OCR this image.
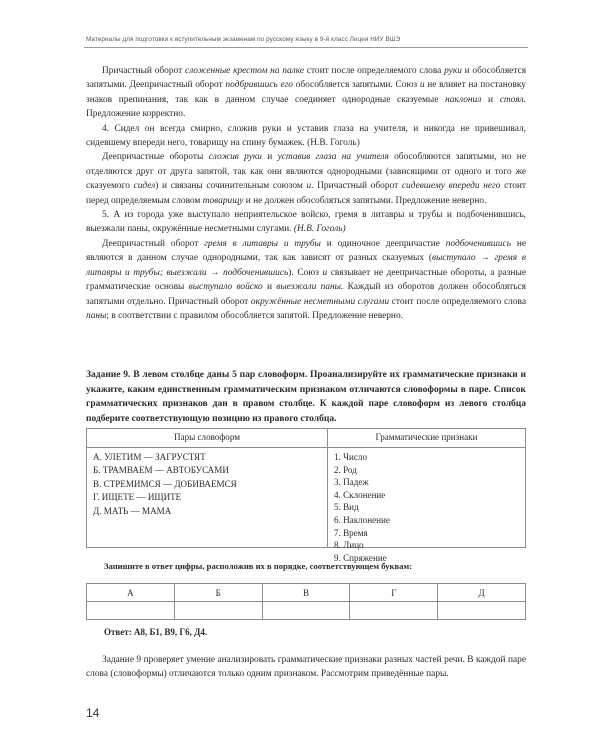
Материалы для подготовки к вступительным экзаменам по русскому языку в 9-й класс Лицея НИУ ВШЭ

Причастный оборот сложенные крестом на палке стоит после определяемого слова руки и обособляется запятыми. Деепричастный оборот подбрившись его обособляется запятыми. Союз и не влияет на постановку знаков препинания, так как в данном случае соединяет однородные сказуемые наклонил и стоял. Предложение корректно.

4. Сидел он всегда смирно, сложив руки и уставив глаза на учителя, и никогда не привешивал, сидевшему впереди него, товарищу на спину бумажек. (Н.В. Гоголь)

Деепричастные обороты сложив руки и уставив глаза на учителя обособляются запятыми, но не отделяются друг от друга запятой, так как они являются однородными (зависящими от одного и того же сказуемого сидел) и связаны сочинительным союзом и. Причастный оборот сидевшему впереди него стоит перед определяемым словом товарищу и не должен обособляться запятыми. Предложение неверно.

5. А из города уже выступало неприятельское войско, гремя в литавры и трубы и подбоченившись, выезжали паны, окружённые несметными слугами. (Н.В. Гоголь)

Деепричастный оборот гремя в литавры и трубы и одиночное деепричастие подбоченившись не являются в данном случае однородными, так как зависят от разных сказуемых (выступало → гремя в литавры и трубы; выезжали → подбоченившись). Союз и связывает не деепричастные обороты, а разные грамматические основы выступало войско и выезжали паны. Каждый из оборотов должен обособляться запятыми отдельно. Причастный оборот окружённые несметными слугами стоит после определяемого слова паны; в соответствии с правилом обособляется запятой. Предложение неверно.

Задание 9. В левом столбце даны 5 пар словоформ. Проанализируйте их грамматические признаки и укажите, каким единственным грамматическим признаком отличаются словоформы в паре. Список грамматических признаков дан в правом столбце. К каждой паре словоформ из левого столбца подберите соответствующую позицию из правого столбца.
Пары словоформ	Грамматические признаки
А. УЛЕТИМ — ЗАГРУСТЯТ
Б. ТРАМВАЕМ — АВТОБУСАМИ
В. СТРЕМИМСЯ — ДОБИВАЕМСЯ
Г. ИЩЕТЕ — ИЩИТЕ
Д. МАТЬ — МАМА
1. Число
2. Род
3. Падеж
4. Склонение
5. Вид
6. Наклонение
7. Время
8. Лицо
9. Спряжение
Запишите в ответ цифры, расположив их в порядке, соответствующем буквам:
А	Б	В	Г	Д

Ответ: А8, Б1, В9, Г6, Д4.

Задание 9 проверяет умение анализировать грамматические признаки разных частей речи. В каждой паре слова (словоформы) отличаются только одним признаком. Рассмотрим приведённые пары.

14
